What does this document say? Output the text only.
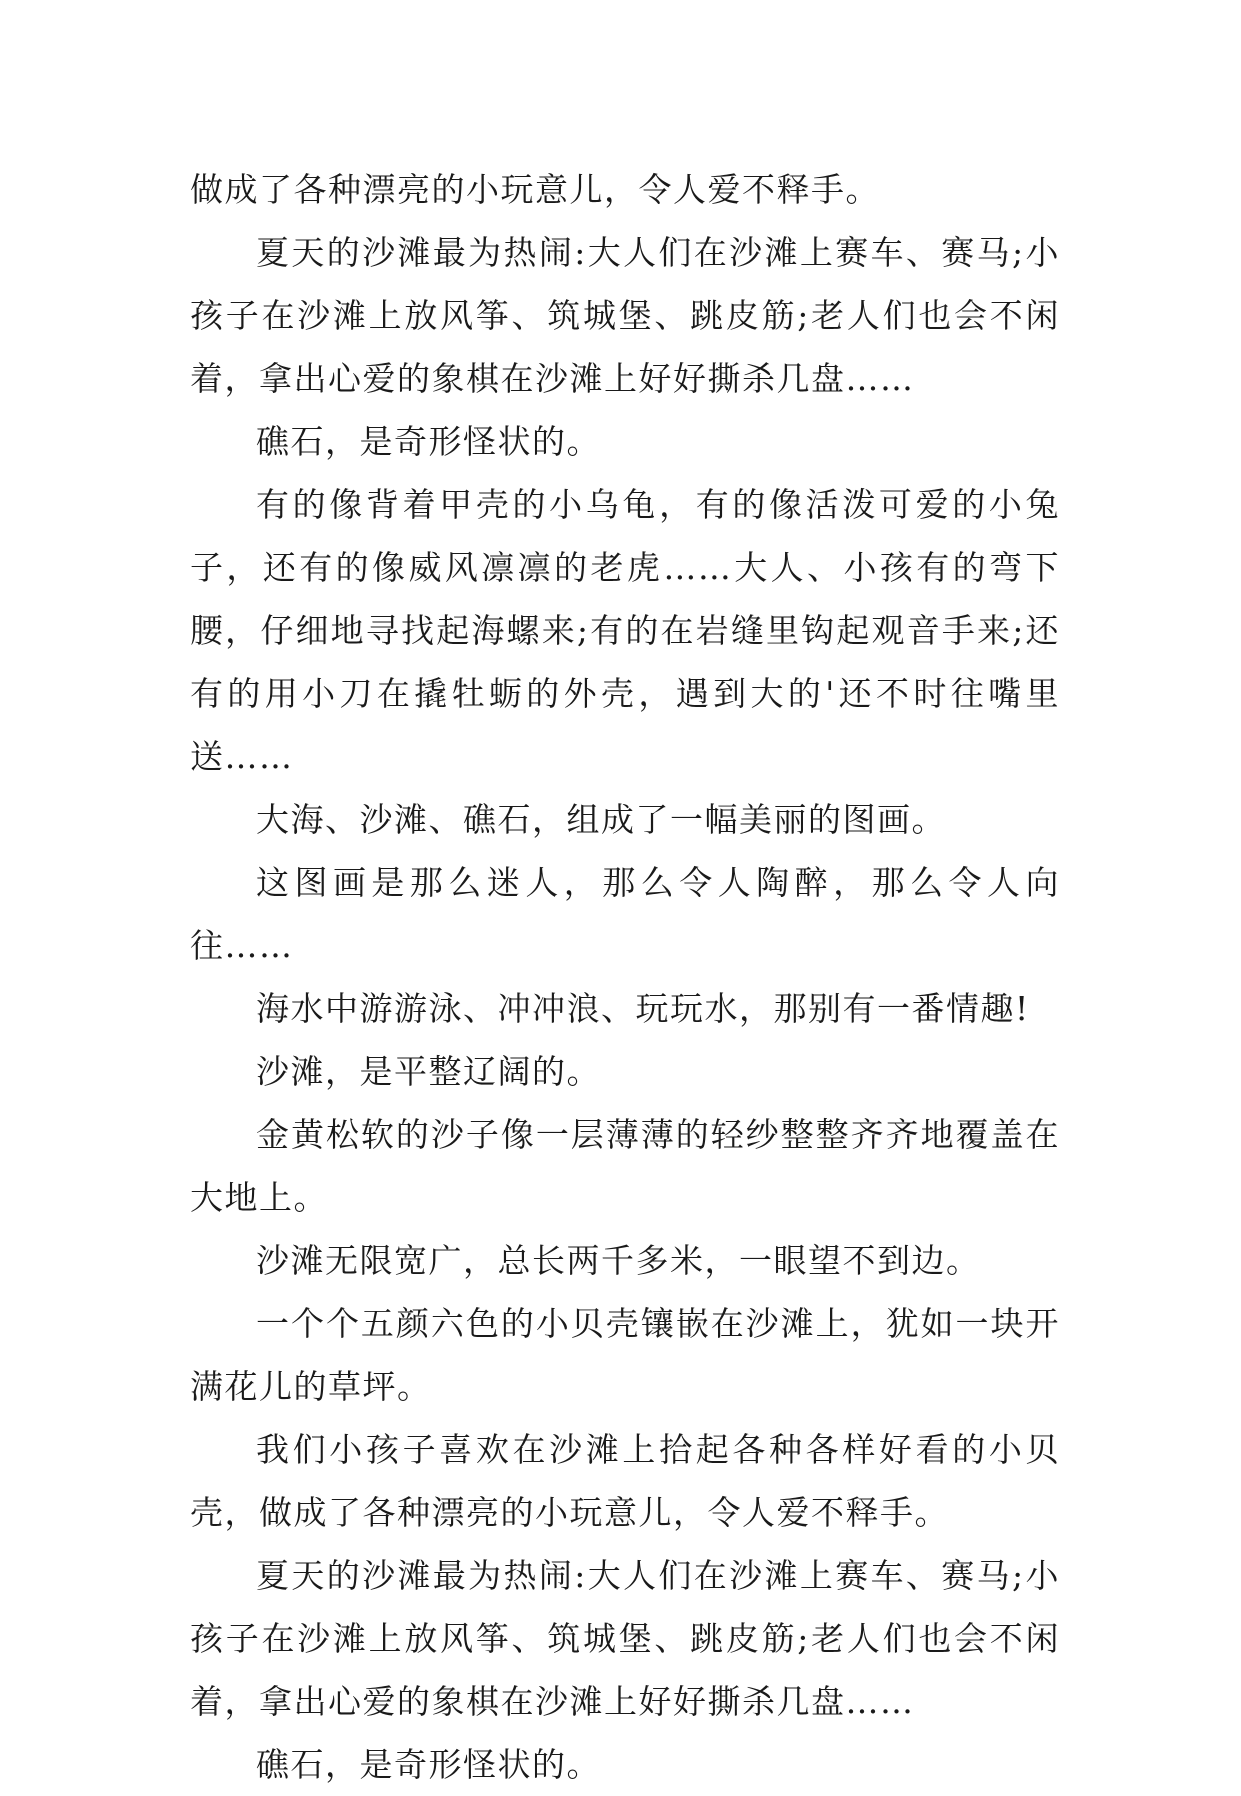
做成了各种漂亮的小玩意儿，令人爱不释手。

夏天的沙滩最为热闹:大人们在沙滩上赛车、赛马;小孩子在沙滩上放风筝、筑城堡、跳皮筋;老人们也会不闲着，拿出心爱的象棋在沙滩上好好撕杀几盘……

礁石，是奇形怪状的。

有的像背着甲壳的小乌龟，有的像活泼可爱的小兔子，还有的像威风凛凛的老虎……大人、小孩有的弯下腰，仔细地寻找起海螺来;有的在岩缝里钩起观音手来;还有的用小刀在撬牡蛎的外壳，遇到大的'还不时往嘴里送……

大海、沙滩、礁石，组成了一幅美丽的图画。

这图画是那么迷人，那么令人陶醉，那么令人向往……

海水中游游泳、冲冲浪、玩玩水，那别有一番情趣!

沙滩，是平整辽阔的。

金黄松软的沙子像一层薄薄的轻纱整整齐齐地覆盖在大地上。

沙滩无限宽广，总长两千多米，一眼望不到边。

一个个五颜六色的小贝壳镶嵌在沙滩上，犹如一块开满花儿的草坪。

我们小孩子喜欢在沙滩上拾起各种各样好看的小贝壳，做成了各种漂亮的小玩意儿，令人爱不释手。

夏天的沙滩最为热闹:大人们在沙滩上赛车、赛马;小孩子在沙滩上放风筝、筑城堡、跳皮筋;老人们也会不闲着，拿出心爱的象棋在沙滩上好好撕杀几盘……

礁石，是奇形怪状的。
